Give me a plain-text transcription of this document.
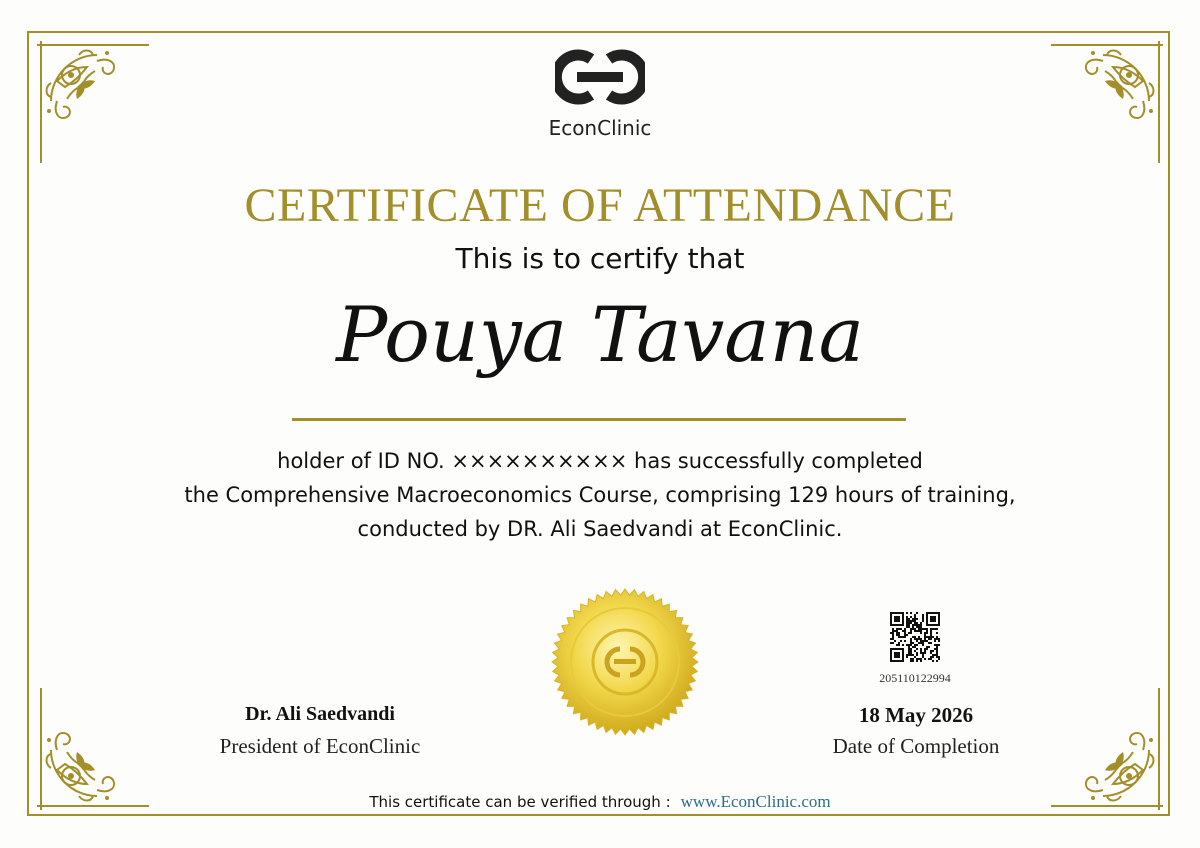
EconClinic
CERTIFICATE OF ATTENDANCE
This is to certify that
Pouya Tavana
holder of ID NO. ×××××××××× has successfully completed
the Comprehensive Macroeconomics Course, comprising 129 hours of training,
conducted by DR. Ali Saedvandi at EconClinic.
205110122994
Dr. Ali Saedvandi
President of EconClinic
18 May 2026
Date of Completion
This certificate can be verified through : www.EconClinic.com
